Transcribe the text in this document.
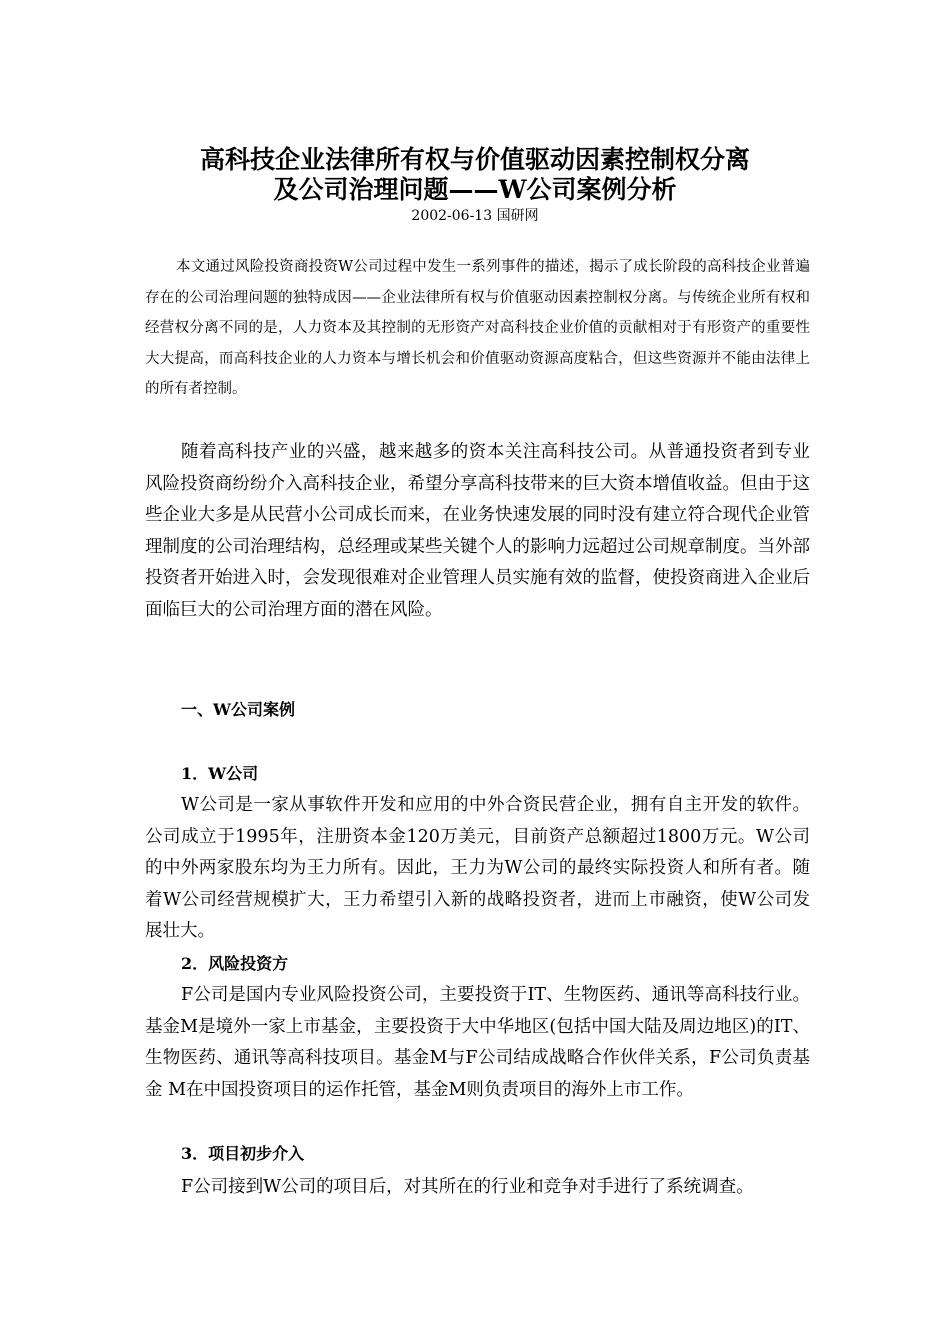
高科技企业法律所有权与价值驱动因素控制权分离
及公司治理问题——W公司案例分析
2002-06-13 国研网

本文通过风险投资商投资W公司过程中发生一系列事件的描述，揭示了成长阶段的高科技企业普遍存在的公司治理问题的独特成因——企业法律所有权与价值驱动因素控制权分离。与传统企业所有权和经营权分离不同的是，人力资本及其控制的无形资产对高科技企业价值的贡献相对于有形资产的重要性大大提高，而高科技企业的人力资本与增长机会和价值驱动资源高度粘合，但这些资源并不能由法律上的所有者控制。

随着高科技产业的兴盛，越来越多的资本关注高科技公司。从普通投资者到专业风险投资商纷纷介入高科技企业，希望分享高科技带来的巨大资本增值收益。但由于这些企业大多是从民营小公司成长而来，在业务快速发展的同时没有建立符合现代企业管理制度的公司治理结构，总经理或某些关键个人的影响力远超过公司规章制度。当外部投资者开始进入时，会发现很难对企业管理人员实施有效的监督，使投资商进入企业后面临巨大的公司治理方面的潜在风险。

一、W公司案例
1．W公司

W公司是一家从事软件开发和应用的中外合资民营企业，拥有自主开发的软件。公司成立于1995年，注册资本金120万美元，目前资产总额超过1800万元。W公司的中外两家股东均为王力所有。因此，王力为W公司的最终实际投资人和所有者。随着W公司经营规模扩大，王力希望引入新的战略投资者，进而上市融资，使W公司发展壮大。

2．风险投资方

F公司是国内专业风险投资公司，主要投资于IT、生物医药、通讯等高科技行业。基金M是境外一家上市基金，主要投资于大中华地区(包括中国大陆及周边地区)的IT、生物医药、通讯等高科技项目。基金M与F公司结成战略合作伙伴关系，F公司负责基金 M在中国投资项目的运作托管，基金M则负责项目的海外上市工作。

3．项目初步介入

F公司接到W公司的项目后，对其所在的行业和竞争对手进行了系统调查。
